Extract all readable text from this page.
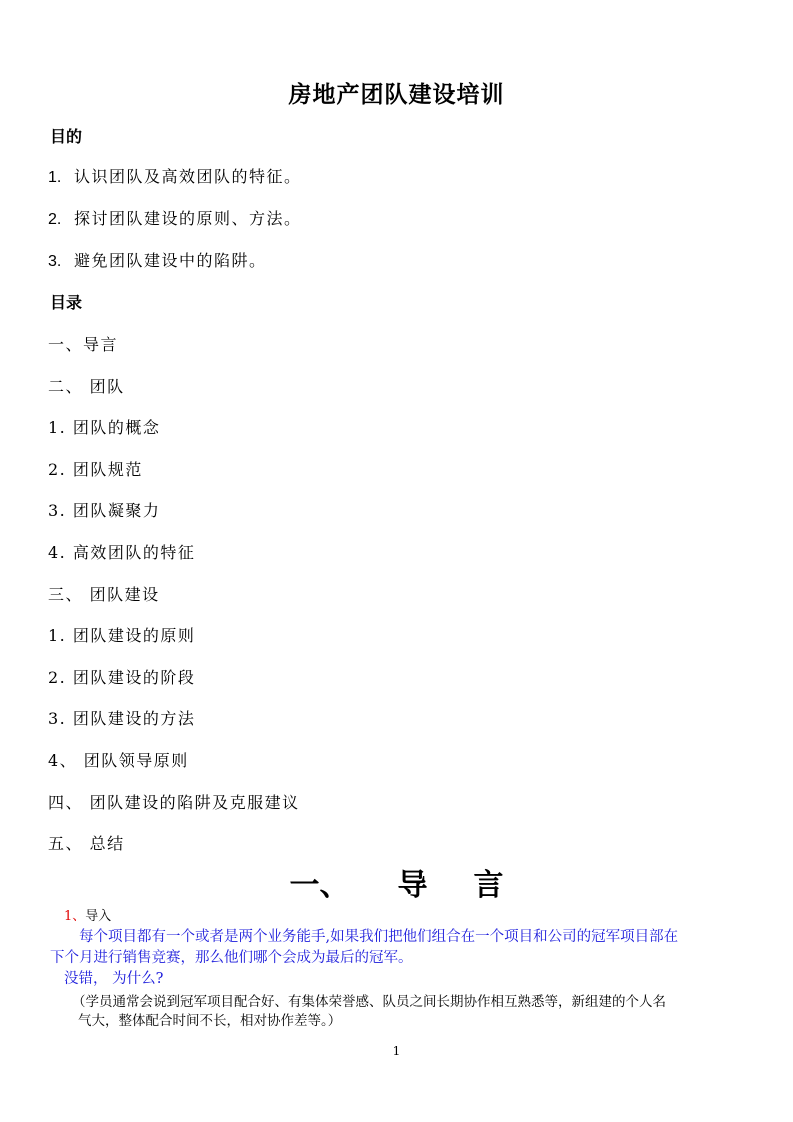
房地产团队建设培训
目的
1. 认识团队及高效团队的特征。
2. 探讨团队建设的原则、方法。
3. 避免团队建设中的陷阱。
目录
一、导言
二、 团队
1. 团队的概念
2. 团队规范
3. 团队凝聚力
4. 高效团队的特征
三、 团队建设
1. 团队建设的原则
2. 团队建设的阶段
3. 团队建设的方法
4、 团队领导原则
四、 团队建设的陷阱及克服建议
五、 总结
一、 导 言
1、导入
每个项目都有一个或者是两个业务能手,如果我们把他们组合在一个项目和公司的冠军项目部在
下个月进行销售竞赛，那么他们哪个会成为最后的冠军。
没错， 为什么?
（学员通常会说到冠军项目配合好、有集体荣誉感、队员之间长期协作相互熟悉等，新组建的个人名
气大，整体配合时间不长，相对协作差等。）
1
